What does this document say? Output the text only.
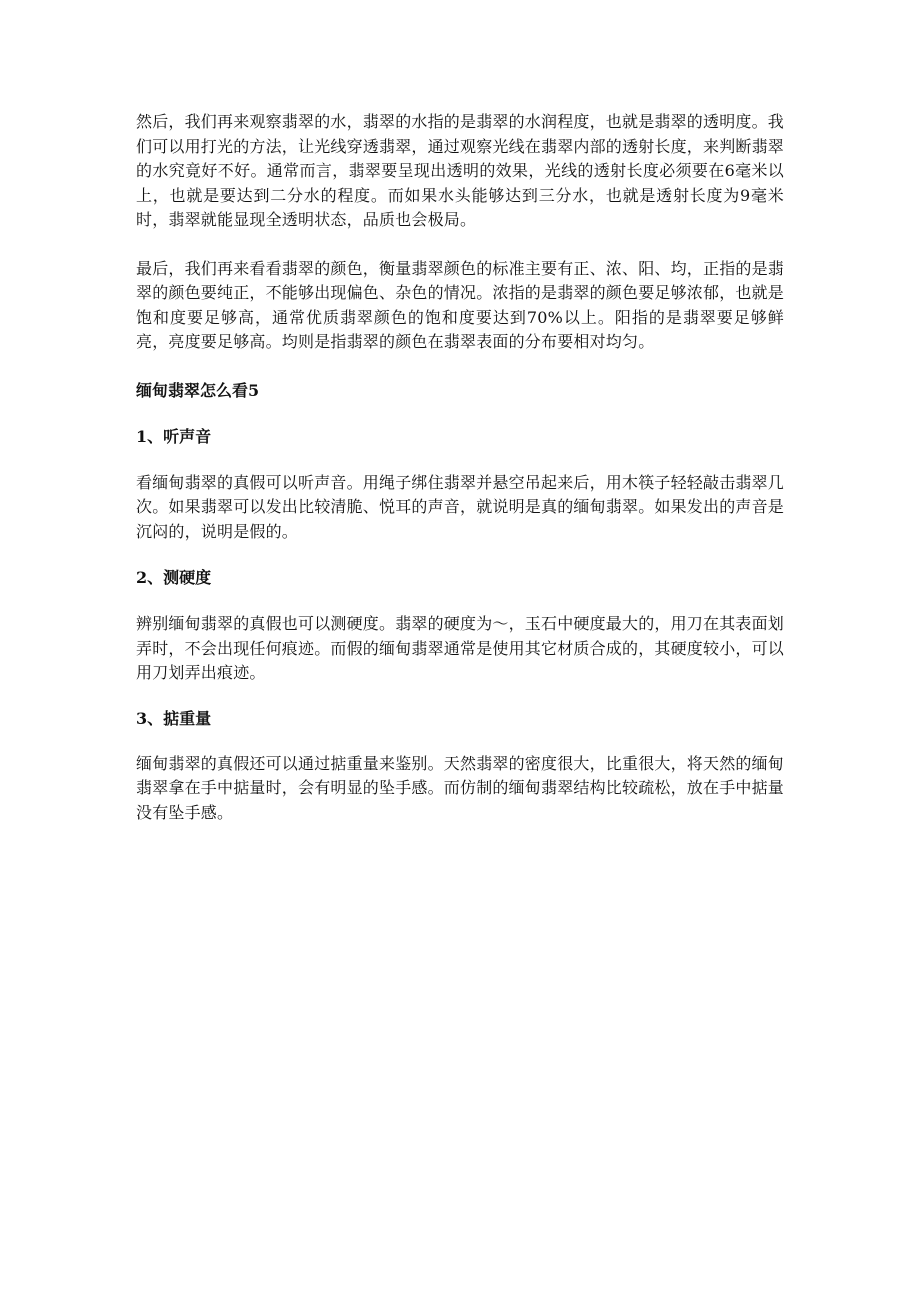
然后，我们再来观察翡翠的水，翡翠的水指的是翡翠的水润程度，也就是翡翠的透明度。我们可以用打光的方法，让光线穿透翡翠，通过观察光线在翡翠内部的透射长度，来判断翡翠的水究竟好不好。通常而言，翡翠要呈现出透明的效果，光线的透射长度必须要在6毫米以上，也就是要达到二分水的程度。而如果水头能够达到三分水，也就是透射长度为9毫米时，翡翠就能显现全透明状态，品质也会极局。

最后，我们再来看看翡翠的颜色，衡量翡翠颜色的标准主要有正、浓、阳、均，正指的是翡翠的颜色要纯正，不能够出现偏色、杂色的情况。浓指的是翡翠的颜色要足够浓郁，也就是饱和度要足够高，通常优质翡翠颜色的饱和度要达到70%以上。阳指的是翡翠要足够鲜亮，亮度要足够高。均则是指翡翠的颜色在翡翠表面的分布要相对均匀。

缅甸翡翠怎么看5

1、听声音

看缅甸翡翠的真假可以听声音。用绳子绑住翡翠并悬空吊起来后，用木筷子轻轻敲击翡翠几次。如果翡翠可以发出比较清脆、悦耳的声音，就说明是真的缅甸翡翠。如果发出的声音是沉闷的，说明是假的。

2、测硬度

辨别缅甸翡翠的真假也可以测硬度。翡翠的硬度为～，玉石中硬度最大的，用刀在其表面划弄时，不会出现任何痕迹。而假的缅甸翡翠通常是使用其它材质合成的，其硬度较小，可以用刀划弄出痕迹。

3、掂重量

缅甸翡翠的真假还可以通过掂重量来鉴别。天然翡翠的密度很大，比重很大，将天然的缅甸翡翠拿在手中掂量时，会有明显的坠手感。而仿制的缅甸翡翠结构比较疏松，放在手中掂量没有坠手感。
